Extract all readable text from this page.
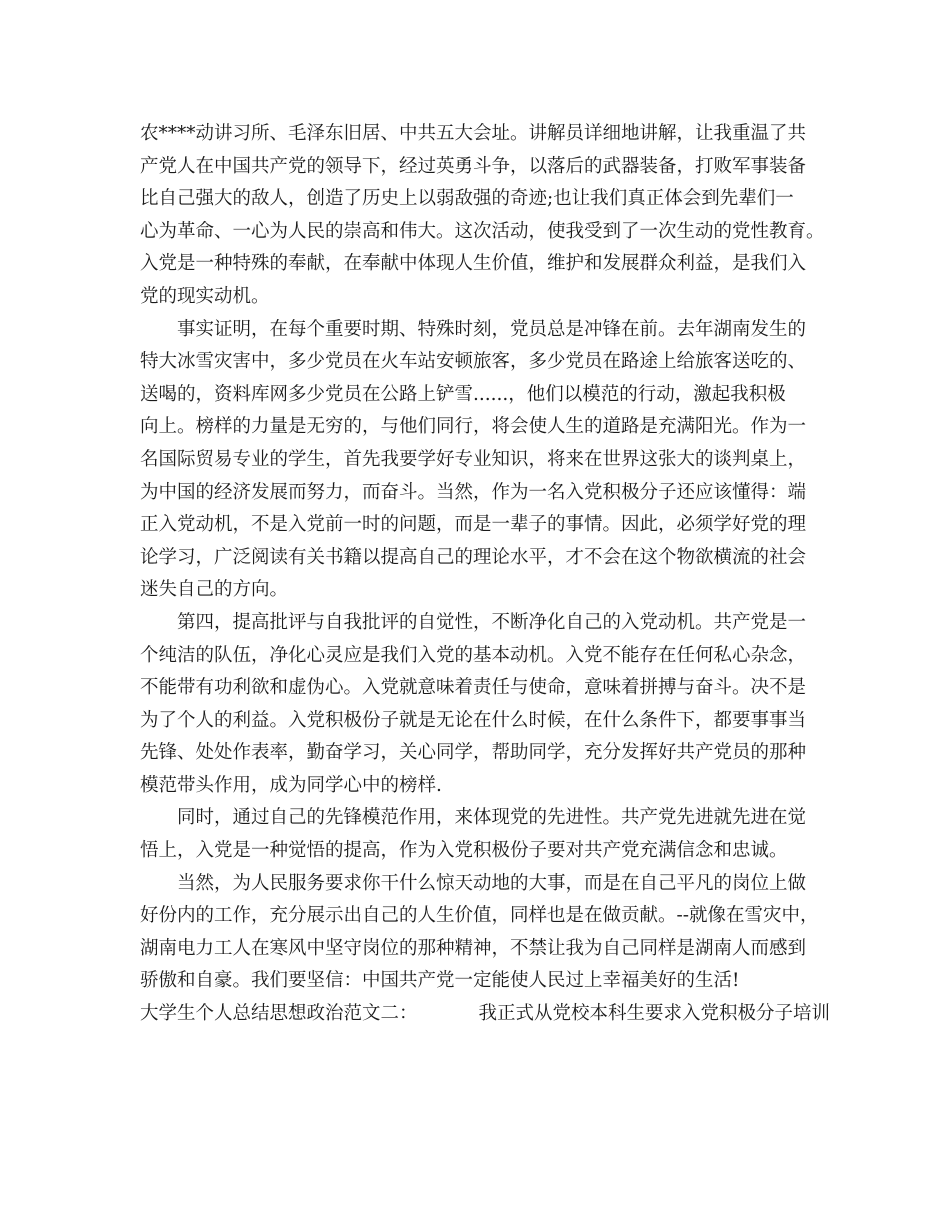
农****动讲习所、毛泽东旧居、中共五大会址。讲解员详细地讲解，让我重温了共
产党人在中国共产党的领导下，经过英勇斗争，以落后的武器装备，打败军事装备
比自己强大的敌人，创造了历史上以弱敌强的奇迹;也让我们真正体会到先辈们一
心为革命、一心为人民的崇高和伟大。这次活动，使我受到了一次生动的党性教育。
入党是一种特殊的奉献，在奉献中体现人生价值，维护和发展群众利益，是我们入
党的现实动机。
事实证明，在每个重要时期、特殊时刻，党员总是冲锋在前。去年湖南发生的
特大冰雪灾害中，多少党员在火车站安顿旅客，多少党员在路途上给旅客送吃的、
送喝的，资料库网多少党员在公路上铲雪......，他们以模范的行动，激起我积极
向上。榜样的力量是无穷的，与他们同行，将会使人生的道路是充满阳光。作为一
名国际贸易专业的学生，首先我要学好专业知识，将来在世界这张大的谈判桌上，
为中国的经济发展而努力，而奋斗。当然，作为一名入党积极分子还应该懂得：端
正入党动机，不是入党前一时的问题，而是一辈子的事情。因此，必须学好党的理
论学习，广泛阅读有关书籍以提高自己的理论水平，才不会在这个物欲横流的社会
迷失自己的方向。
第四，提高批评与自我批评的自觉性，不断净化自己的入党动机。共产党是一
个纯洁的队伍，净化心灵应是我们入党的基本动机。入党不能存在任何私心杂念，
不能带有功利欲和虚伪心。入党就意味着责任与使命，意味着拼搏与奋斗。决不是
为了个人的利益。入党积极份子就是无论在什么时候，在什么条件下，都要事事当
先锋、处处作表率，勤奋学习，关心同学，帮助同学，充分发挥好共产党员的那种
模范带头作用，成为同学心中的榜样.
同时，通过自己的先锋模范作用，来体现党的先进性。共产党先进就先进在觉
悟上，入党是一种觉悟的提高，作为入党积极份子要对共产党充满信念和忠诚。
当然，为人民服务要求你干什么惊天动地的大事，而是在自己平凡的岗位上做
好份内的工作，充分展示出自己的人生价值，同样也是在做贡献。--就像在雪灾中，
湖南电力工人在寒风中坚守岗位的那种精神，不禁让我为自己同样是湖南人而感到
骄傲和自豪。我们要坚信：中国共产党一定能使人民过上幸福美好的生活!
大学生个人总结思想政治范文二：	我正式从党校本科生要求入党积极分子培训
